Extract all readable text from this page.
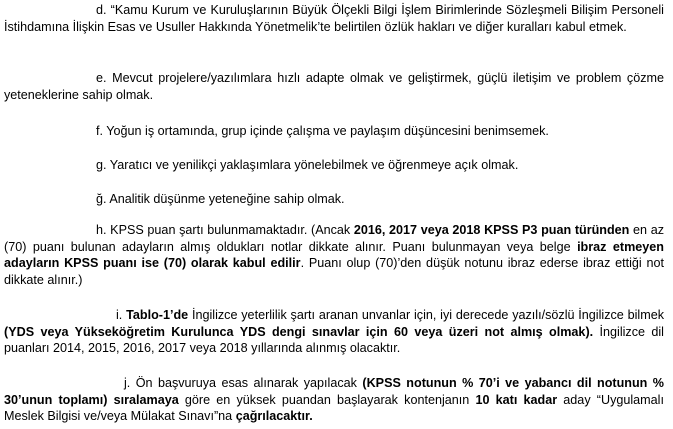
d. “Kamu Kurum ve Kuruluşlarının Büyük Ölçekli Bilgi İşlem Birimlerinde Sözleşmeli Bilişim Personeli İstihdamına İlişkin Esas ve Usuller Hakkında Yönetmelik’te belirtilen özlük hakları ve diğer kuralları kabul etmek.

e. Mevcut projelere/yazılımlara hızlı adapte olmak ve geliştirmek, güçlü iletişim ve problem çözme yeteneklerine sahip olmak.

f. Yoğun iş ortamında, grup içinde çalışma ve paylaşım düşüncesini benimsemek.

g. Yaratıcı ve yenilikçi yaklaşımlara yönelebilmek ve öğrenmeye açık olmak.

ğ. Analitik düşünme yeteneğine sahip olmak.

h. KPSS puan şartı bulunmamaktadır. (Ancak 2016, 2017 veya 2018 KPSS P3 puan türünden en az (70) puanı bulunan adayların almış oldukları notlar dikkate alınır. Puanı bulunmayan veya belge ibraz etmeyen adayların KPSS puanı ise (70) olarak kabul edilir. Puanı olup (70)’den düşük notunu ibraz ederse ibraz ettiği not dikkate alınır.)

i. Tablo-1’de İngilizce yeterlilik şartı aranan unvanlar için, iyi derecede yazılı/sözlü İngilizce bilmek (YDS veya Yükseköğretim Kurulunca YDS dengi sınavlar için 60 veya üzeri not almış olmak). İngilizce dil puanları 2014, 2015, 2016, 2017 veya 2018 yıllarında alınmış olacaktır.

j. Ön başvuruya esas alınarak yapılacak (KPSS notunun % 70’i ve yabancı dil notunun % 30’unun toplamı) sıralamaya göre en yüksek puandan başlayarak kontenjanın 10 katı kadar aday “Uygulamalı Meslek Bilgisi ve/veya Mülakat Sınavı”na çağrılacaktır.
